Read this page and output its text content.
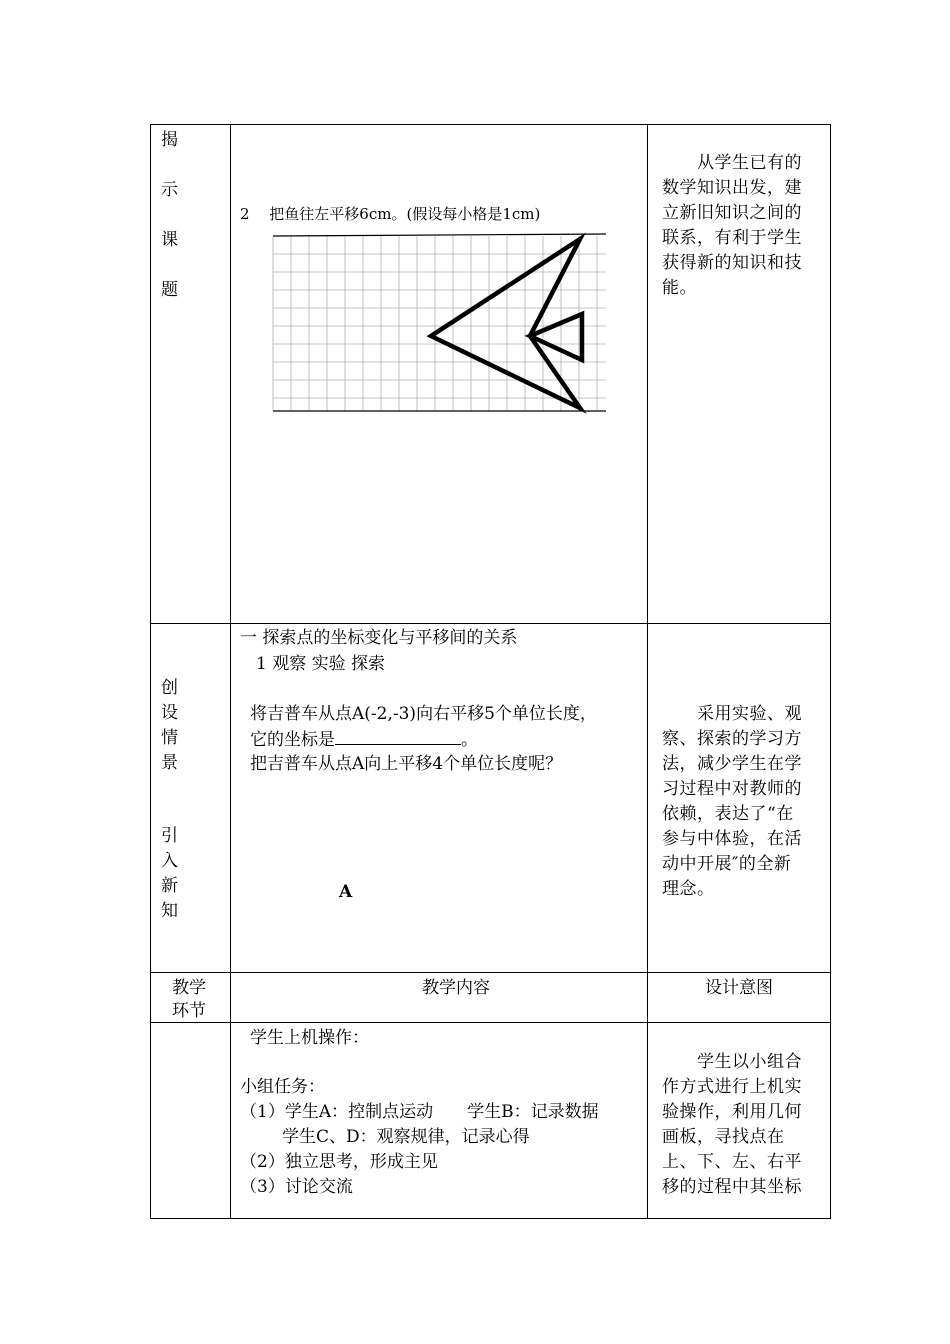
揭
示
课
题
2　 把鱼往左平移6cm。(假设每小格是1cm)
　　从学生已有的
数学知识出发，建
立新旧知识之间的
联系，有利于学生
获得新的知识和技
能。
创
设
情
景
引
入
新
知
一 探索点的坐标变化与平移间的关系
1 观察 实验 探索
将吉普车从点A(-2,-3)向右平移5个单位长度，
它的坐标是	。
把吉普车从点A向上平移4个单位长度呢？
A
　　采用实验、观
察、探索的学习方
法，减少学生在学
习过程中对教师的
依赖，表达了“在
参与中体验，在活
动中开展″的全新
理念。
教学
环节
教学内容	设计意图
学生上机操作：
小组任务：
（1）学生A：控制点运动　　学生B：记录数据
学生C、D：观察规律，记录心得
（2）独立思考，形成主见
（3）讨论交流
　　学生以小组合
作方式进行上机实
验操作，利用几何
画板，寻找点在
上、下、左、右平
移的过程中其坐标
